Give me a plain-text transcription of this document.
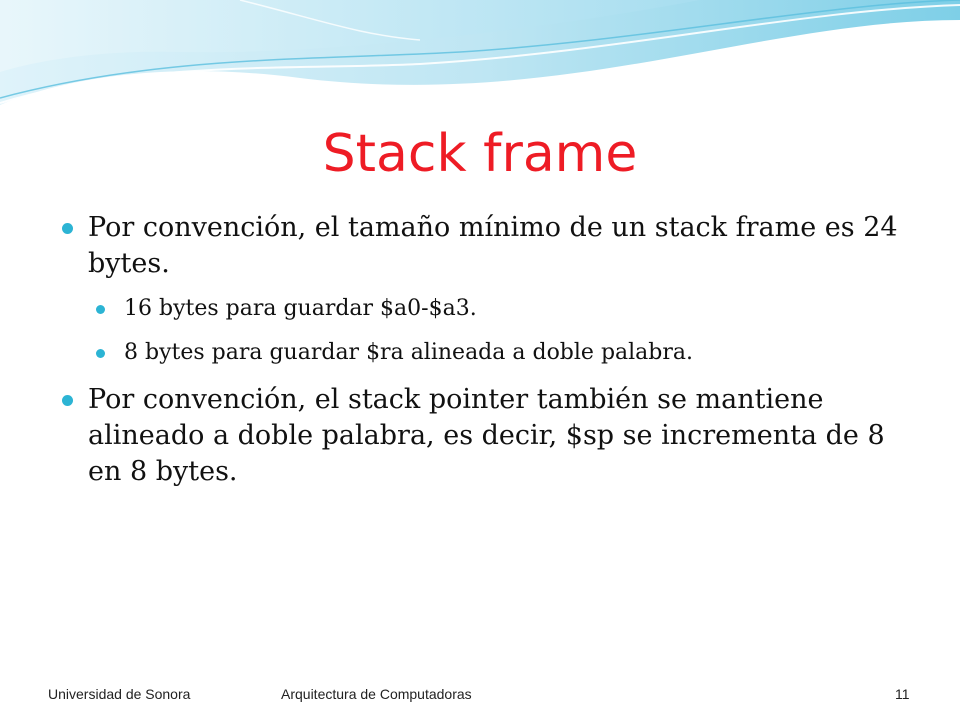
Stack frame
Por convención, el tamaño mínimo de un stack frame es 24 bytes.
16 bytes para guardar $a0-$a3.
8 bytes para guardar $ra alineada a doble palabra.
Por convención, el stack pointer también se mantiene alineado a doble palabra, es decir, $sp se incrementa de 8 en 8 bytes.
Universidad de Sonora	Arquitectura de Computadoras	11
